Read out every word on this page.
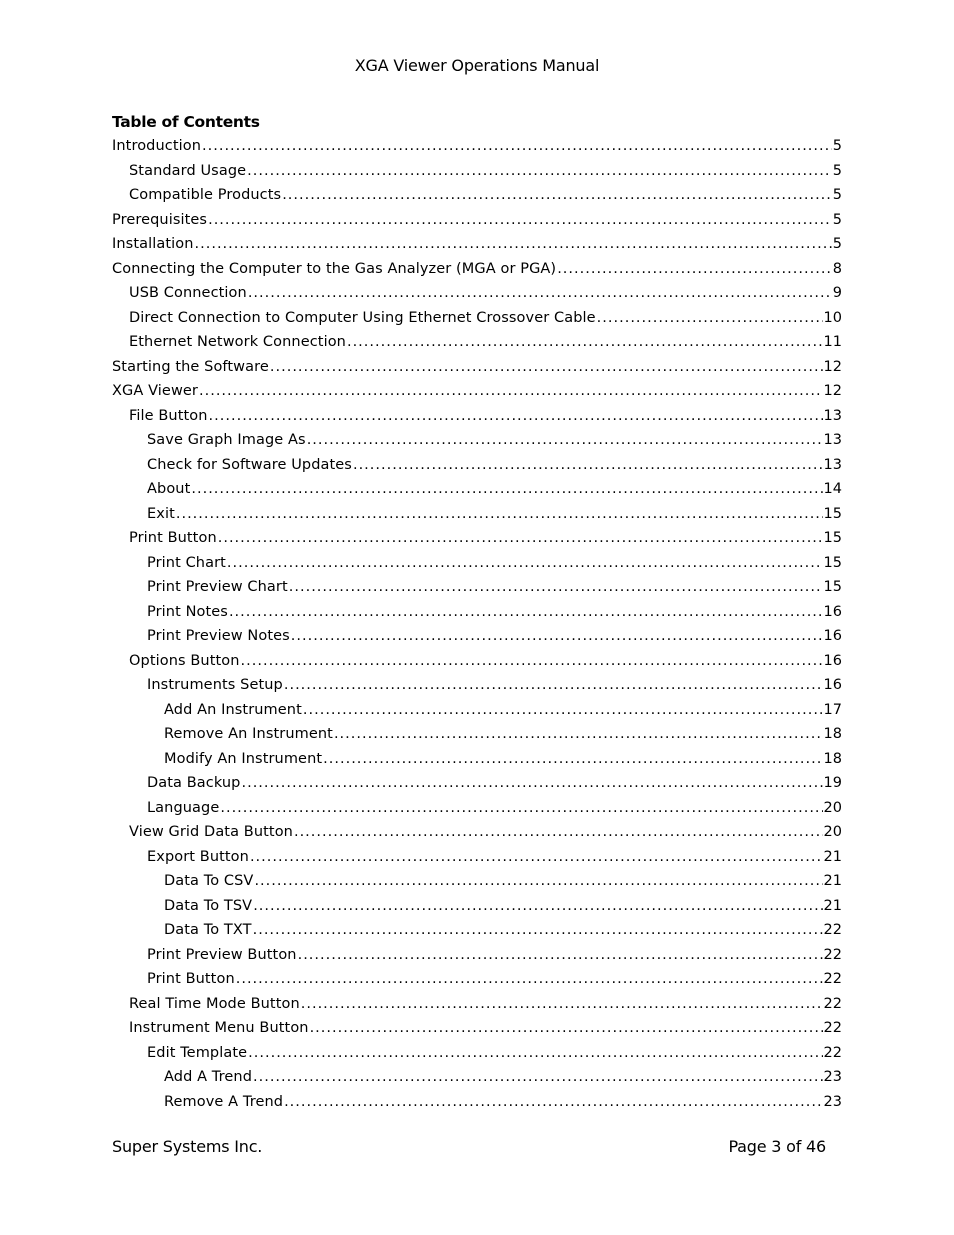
XGA Viewer Operations Manual
Table of Contents
Introduction .....	5
Standard Usage .....	5
Compatible Products .....	5
Prerequisites .....	5
Installation .....	5
Connecting the Computer to the Gas Analyzer (MGA or PGA) .....	8
USB Connection .....	9
Direct Connection to Computer Using Ethernet Crossover Cable .....	10
Ethernet Network Connection .....	11
Starting the Software .....	12
XGA Viewer .....	12
File Button .....	13
Save Graph Image As .....	13
Check for Software Updates .....	13
About .....	14
Exit .....	15
Print Button .....	15
Print Chart .....	15
Print Preview Chart .....	15
Print Notes .....	16
Print Preview Notes .....	16
Options Button .....	16
Instruments Setup .....	16
Add An Instrument .....	17
Remove An Instrument .....	18
Modify An Instrument .....	18
Data Backup .....	19
Language .....	20
View Grid Data Button .....	20
Export Button .....	21
Data To CSV .....	21
Data To TSV .....	21
Data To TXT .....	22
Print Preview Button .....	22
Print Button .....	22
Real Time Mode Button .....	22
Instrument Menu Button .....	22
Edit Template .....	22
Add A Trend .....	23
Remove A Trend .....	23
Super Systems Inc.	Page 3 of 46
